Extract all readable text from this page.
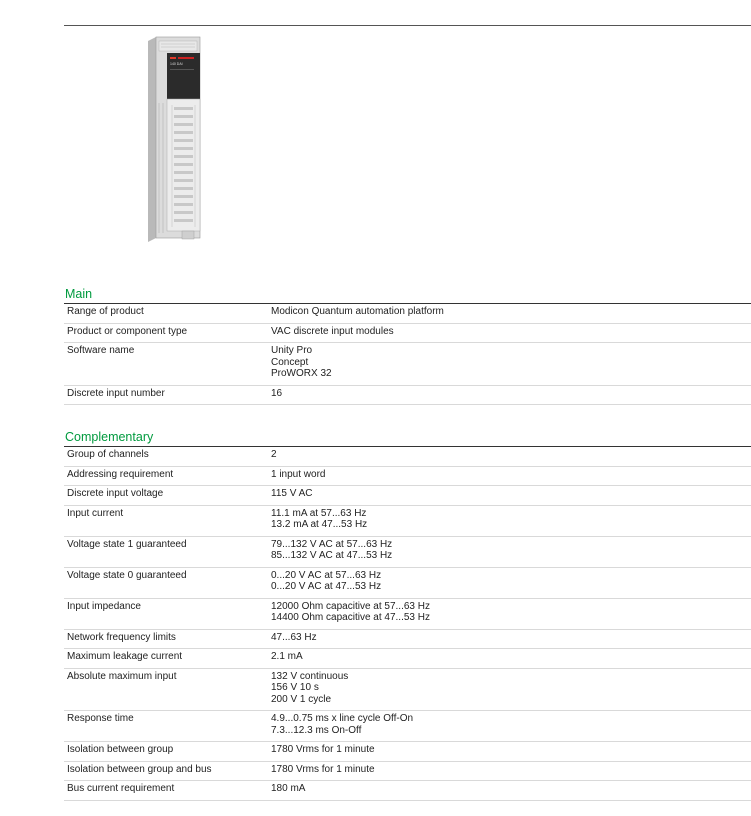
140 DAI
Main
Range of product	Modicon Quantum automation platform

Product or component type	VAC discrete input modules

Software name	Unity Pro
Concept
ProWORX 32

Discrete input number	16
Complementary
Group of channels	2

Addressing requirement	1 input word

Discrete input voltage	115 V AC

Input current	11.1 mA at 57...63 Hz
13.2 mA at 47...53 Hz

Voltage state 1 guaranteed	79...132 V AC at 57...63 Hz
85...132 V AC at 47...53 Hz

Voltage state 0 guaranteed	0...20 V AC at 57...63 Hz
0...20 V AC at 47...53 Hz

Input impedance	12000 Ohm capacitive at 57...63 Hz
14400 Ohm capacitive at 47...53 Hz

Network frequency limits	47...63 Hz

Maximum leakage current	2.1 mA

Absolute maximum input	132 V continuous
156 V 10 s
200 V 1 cycle

Response time	4.9...0.75 ms x line cycle Off-On
7.3...12.3 ms On-Off

Isolation between group	1780 Vrms for 1 minute

Isolation between group and bus	1780 Vrms for 1 minute

Bus current requirement	180 mA
